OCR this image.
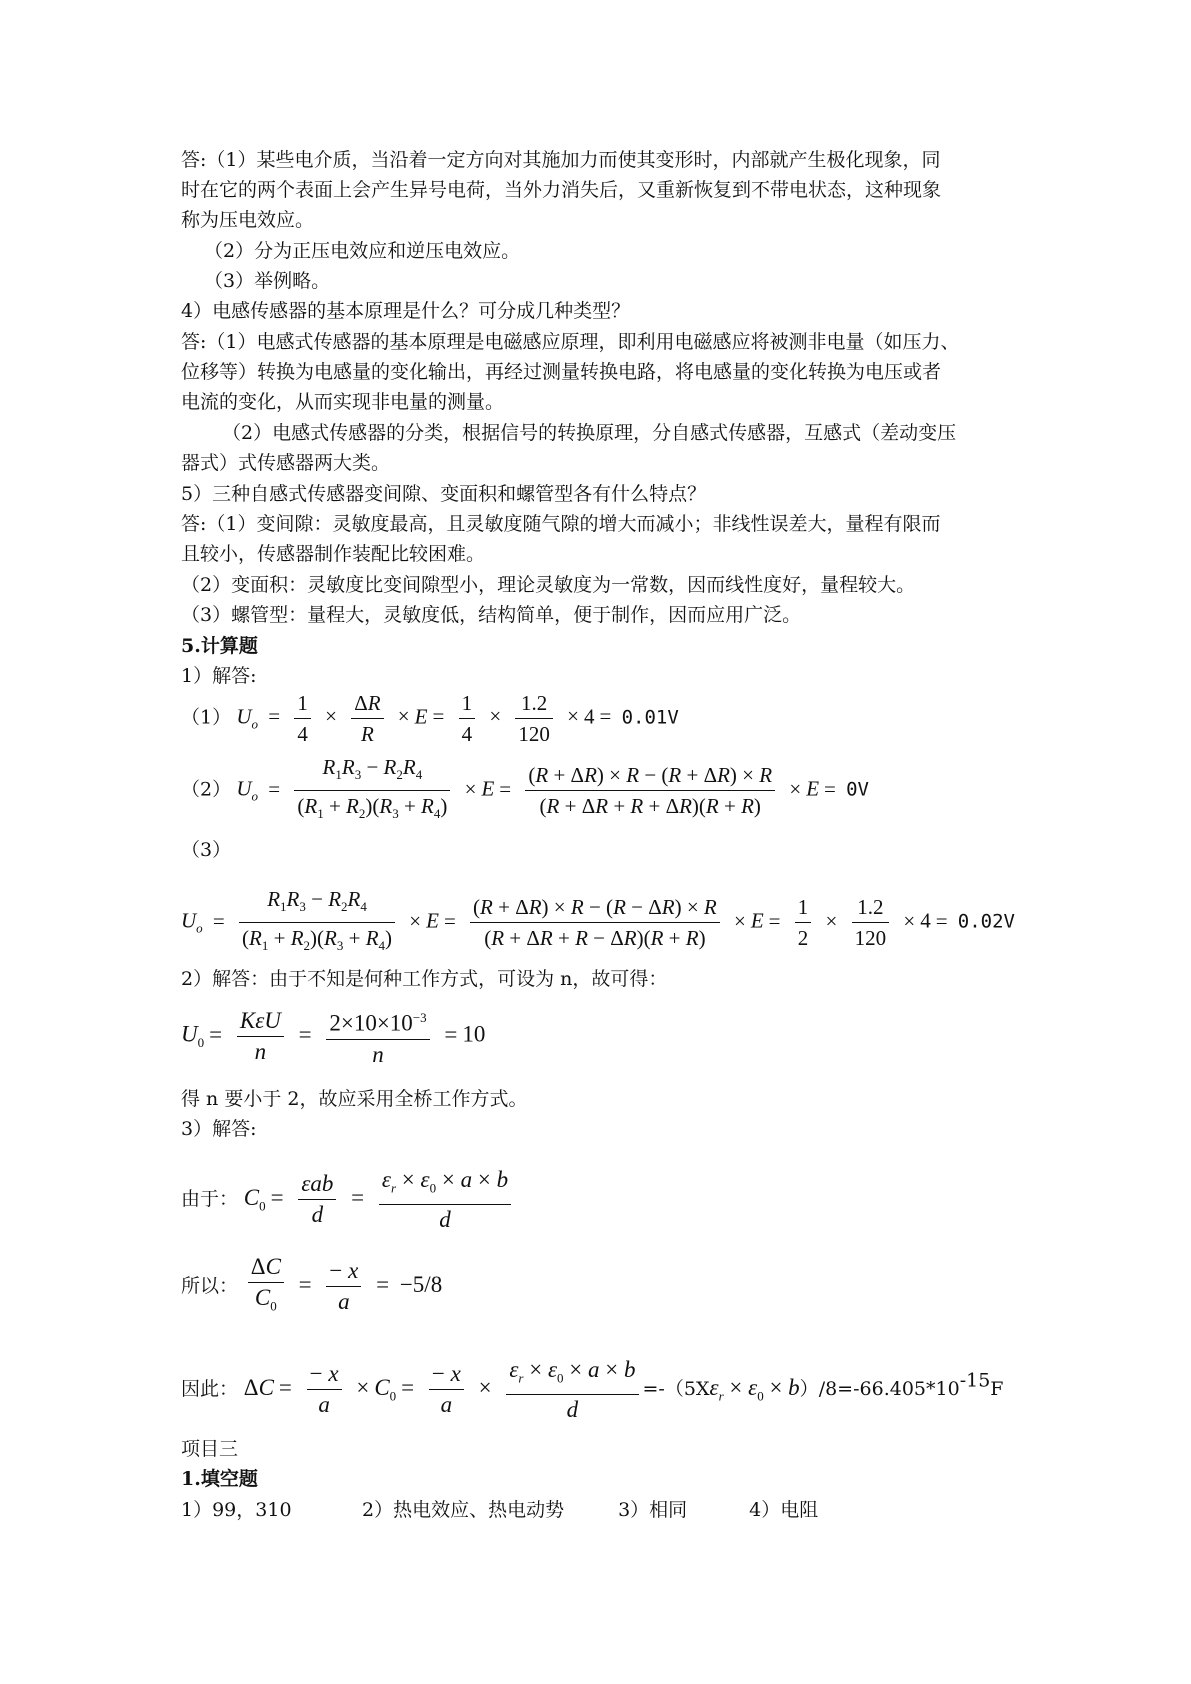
答:（1）某些电介质，当沿着一定方向对其施加力而使其变形时，内部就产生极化现象，同
时在它的两个表面上会产生异号电荷，当外力消失后，又重新恢复到不带电状态，这种现象
称为压电效应。
（2）分为正压电效应和逆压电效应。
（3）举例略。
4）电感传感器的基本原理是什么？可分成几种类型？
答:（1）电感式传感器的基本原理是电磁感应原理，即利用电磁感应将被测非电量（如压力、
位移等）转换为电感量的变化输出，再经过测量转换电路，将电感量的变化转换为电压或者
电流的变化，从而实现非电量的测量。
（2）电感式传感器的分类，根据信号的转换原理，分自感式传感器，互感式（差动变压
器式）式传感器两大类。
5）三种自感式传感器变间隙、变面积和螺管型各有什么特点？
答:（1）变间隙：灵敏度最高，且灵敏度随气隙的增大而减小；非线性误差大，量程有限而
且较小，传感器制作装配比较困难。
（2）变面积：灵敏度比变间隙型小，理论灵敏度为一常数，因而线性度好，量程较大。
（3）螺管型：量程大，灵敏度低，结构简单，便于制作，因而应用广泛。
5.计算题
1）解答:
（1） $U_o = \frac{1}{4} \times \frac{\Delta R}{R} \times E = \frac{1}{4} \times \frac{1.2}{120} \times 4 = 0.01V$
（2） $U_o = \frac{R_1R_3 - R_2R_4}{(R_1 + R_2)(R_3 + R_4)} \times E = \frac{(R + \Delta R) \times R - (R + \Delta R) \times R}{(R + \Delta R + R + \Delta R)(R + R)} \times E = 0V$
（3）
$U_o = \frac{R_1R_3 - R_2R_4}{(R_1 + R_2)(R_3 + R_4)} \times E = \frac{(R + \Delta R) \times R - (R - \Delta R) \times R}{(R + \Delta R + R - \Delta R)(R + R)} \times E = \frac{1}{2} \times \frac{1.2}{120} \times 4 = 0.02V$
2）解答：由于不知是何种工作方式，可设为 n，故可得：
$U_0 = \frac{\text{KεU}}{n} = \frac{2\times 10\times 10^{-3}}{n} = 10$
得 n 要小于 2，故应采用全桥工作方式。
3）解答:
由于： $C_0 = \frac{\text{εab}}{d} = \frac{\varepsilon_r \times \varepsilon_0 \times a \times b}{d}$
所以： $\frac{\Delta C}{C_0} = \frac{- x}{a} = -5/8$
因此： $\Delta C = \frac{- x}{a} \times C_0 = \frac{- x}{a} \times \frac{\varepsilon_r \times \varepsilon_0 \times a \times b}{d} =-(5X\varepsilon_r \times \varepsilon_0 \times b)/8=-66.405*10^{-15}F$
项目三
1.填空题
1）99，310	2）热电效应、热电动势	3）相同	4）电阻
